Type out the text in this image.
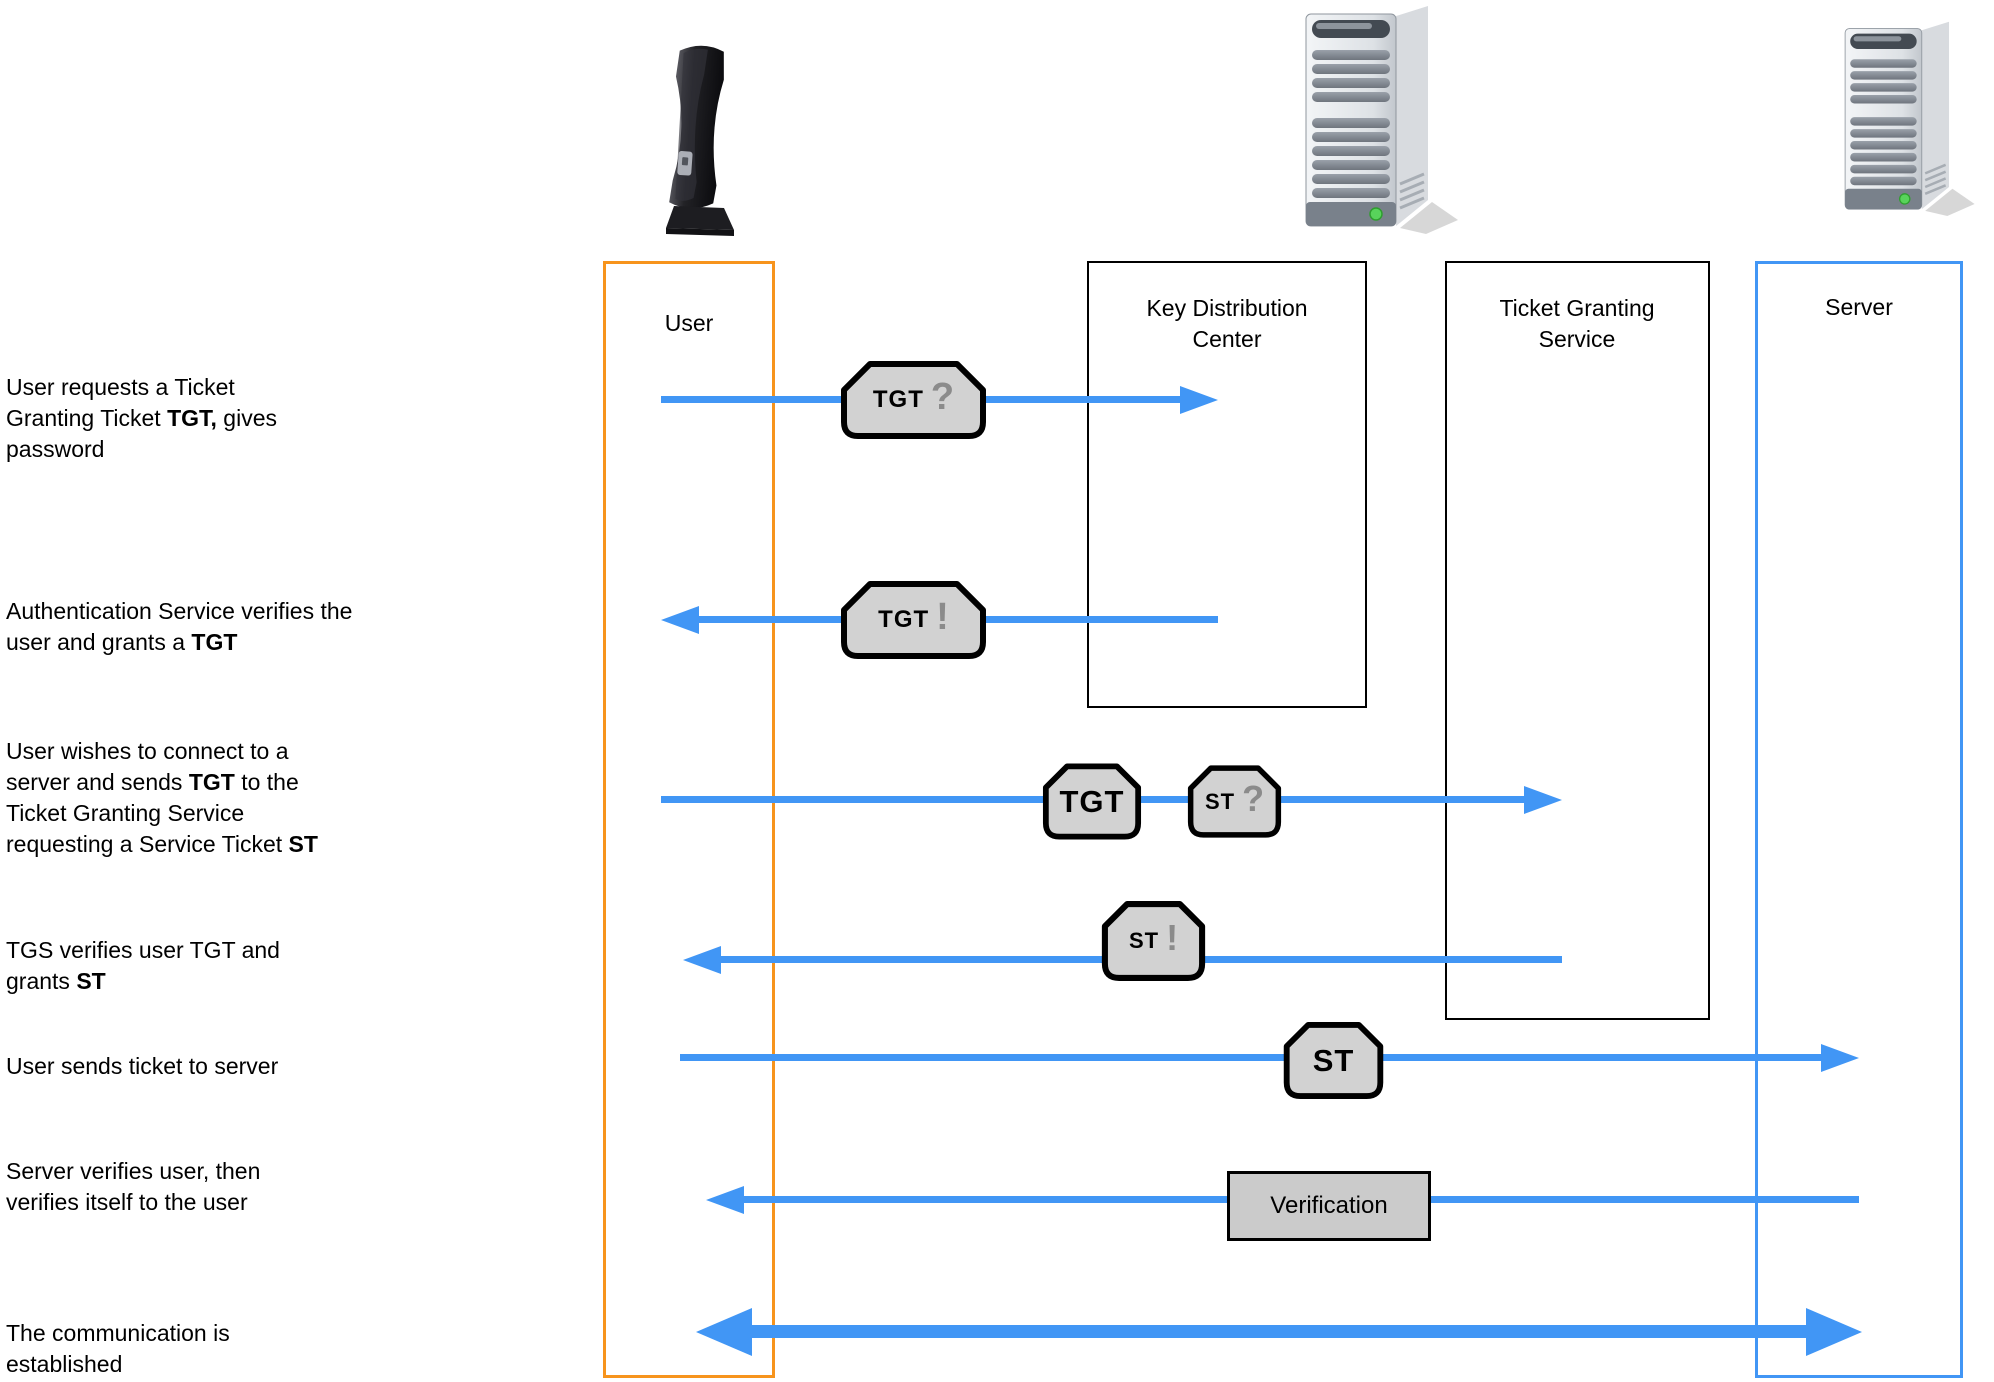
User
Key Distribution Center
Ticket Granting Service
Server
User requests a Ticket Granting Ticket TGT, gives password
Authentication Service verifies the user and grants a TGT
User wishes to connect to a server and sends TGT to the Ticket Granting Service requesting a Service Ticket ST
TGS verifies user TGT and grants ST
User sends ticket to server
Server verifies user, then verifies itself to the user
The communication is established
TGT ?
TGT !
TGT	ST ?
ST !
ST
Verification
